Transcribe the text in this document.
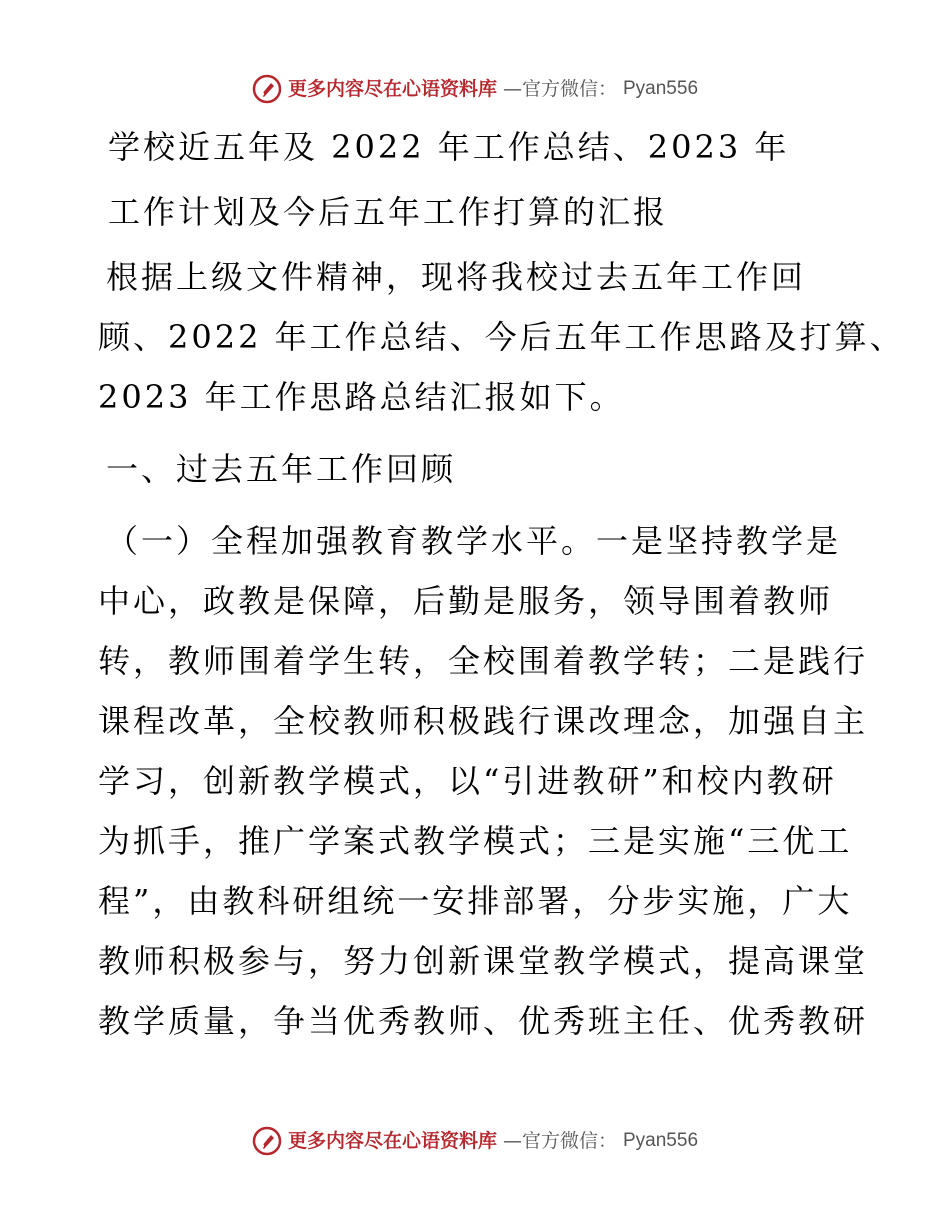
更多内容尽在心语资料库 —官方微信： Pyan556
学校近五年及 2022 年工作总结、2023 年
工作计划及今后五年工作打算的汇报
根据上级文件精神，现将我校过去五年工作回
顾、2022 年工作总结、今后五年工作思路及打算、
2023 年工作思路总结汇报如下。
一、过去五年工作回顾
（一）全程加强教育教学水平。一是坚持教学是
中心，政教是保障，后勤是服务，领导围着教师
转，教师围着学生转，全校围着教学转；二是践行
课程改革，全校教师积极践行课改理念，加强自主
学习，创新教学模式，以“引进教研”和校内教研
为抓手，推广学案式教学模式；三是实施“三优工
程”，由教科研组统一安排部署，分步实施，广大
教师积极参与，努力创新课堂教学模式，提高课堂
教学质量，争当优秀教师、优秀班主任、优秀教研
更多内容尽在心语资料库 —官方微信： Pyan556
